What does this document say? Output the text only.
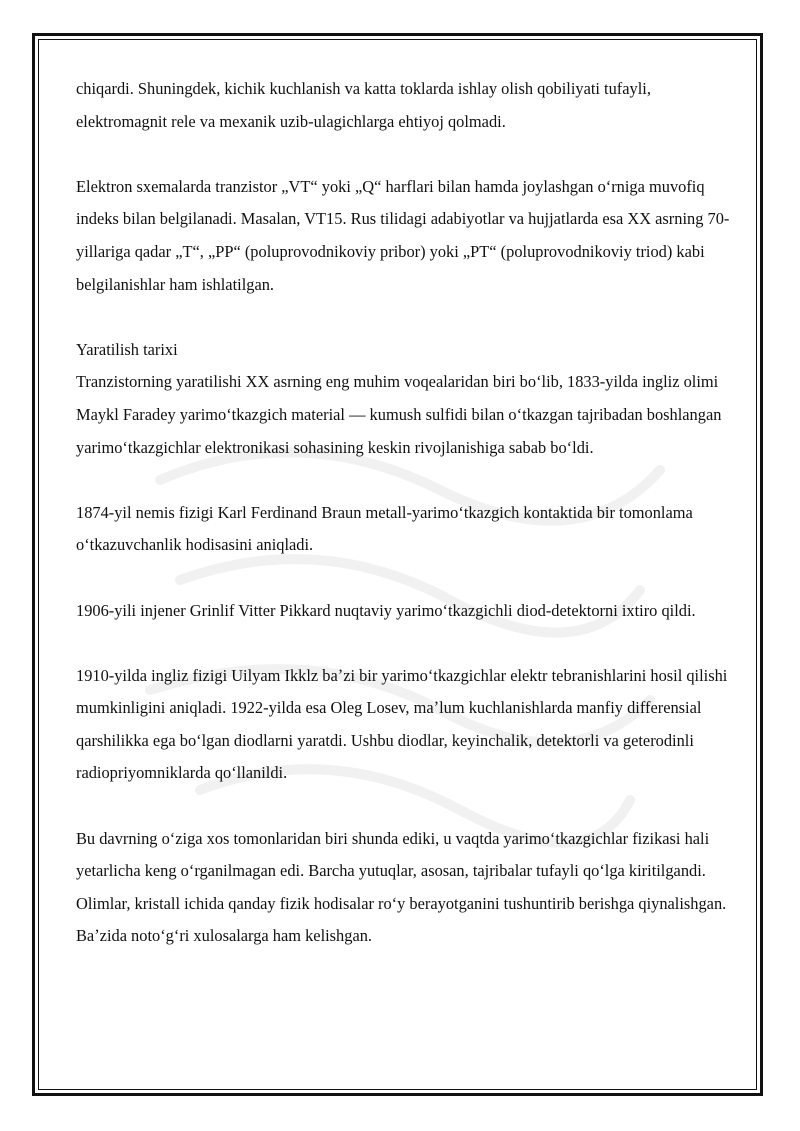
chiqardi. Shuningdek, kichik kuchlanish va katta toklarda ishlay olish qobiliyati tufayli, elektromagnit rele va mexanik uzib-ulagichlarga ehtiyoj qolmadi.

Elektron sxemalarda tranzistor „VT“ yoki „Q“ harflari bilan hamda joylashgan oʻrniga muvofiq indeks bilan belgilanadi. Masalan, VT15. Rus tilidagi adabiyotlar va hujjatlarda esa XX asrning 70-yillariga qadar „T“, „PP“ (poluprovodnikoviy pribor) yoki „PT“ (poluprovodnikoviy triod) kabi belgilanishlar ham ishlatilgan.

Yaratilish tarixi

Tranzistorning yaratilishi XX asrning eng muhim voqealaridan biri boʻlib, 1833-yilda ingliz olimi Maykl Faradey yarimoʻtkazgich material — kumush sulfidi bilan oʻtkazgan tajribadan boshlangan yarimoʻtkazgichlar elektronikasi sohasining keskin rivojlanishiga sabab boʻldi.

1874-yil nemis fizigi Karl Ferdinand Braun metall-yarimoʻtkazgich kontaktida bir tomonlama oʻtkazuvchanlik hodisasini aniqladi.

1906-yili injener Grinlif Vitter Pikkard nuqtaviy yarimoʻtkazgichli diod-detektorni ixtiro qildi.

1910-yilda ingliz fizigi Uilyam Ikklz baʼzi bir yarimoʻtkazgichlar elektr tebranishlarini hosil qilishi mumkinligini aniqladi. 1922-yilda esa Oleg Losev, maʼlum kuchlanishlarda manfiy differensial qarshilikka ega boʻlgan diodlarni yaratdi. Ushbu diodlar, keyinchalik, detektorli va geterodinli radiopriyomniklarda qoʻllanildi.

Bu davrning oʻziga xos tomonlaridan biri shunda ediki, u vaqtda yarimoʻtkazgichlar fizikasi hali yetarlicha keng oʻrganilmagan edi. Barcha yutuqlar, asosan, tajribalar tufayli qoʻlga kiritilgandi. Olimlar, kristall ichida qanday fizik hodisalar roʻy berayotganini tushuntirib berishga qiynalishgan. Baʼzida notoʻgʻri xulosalarga ham kelishgan.
